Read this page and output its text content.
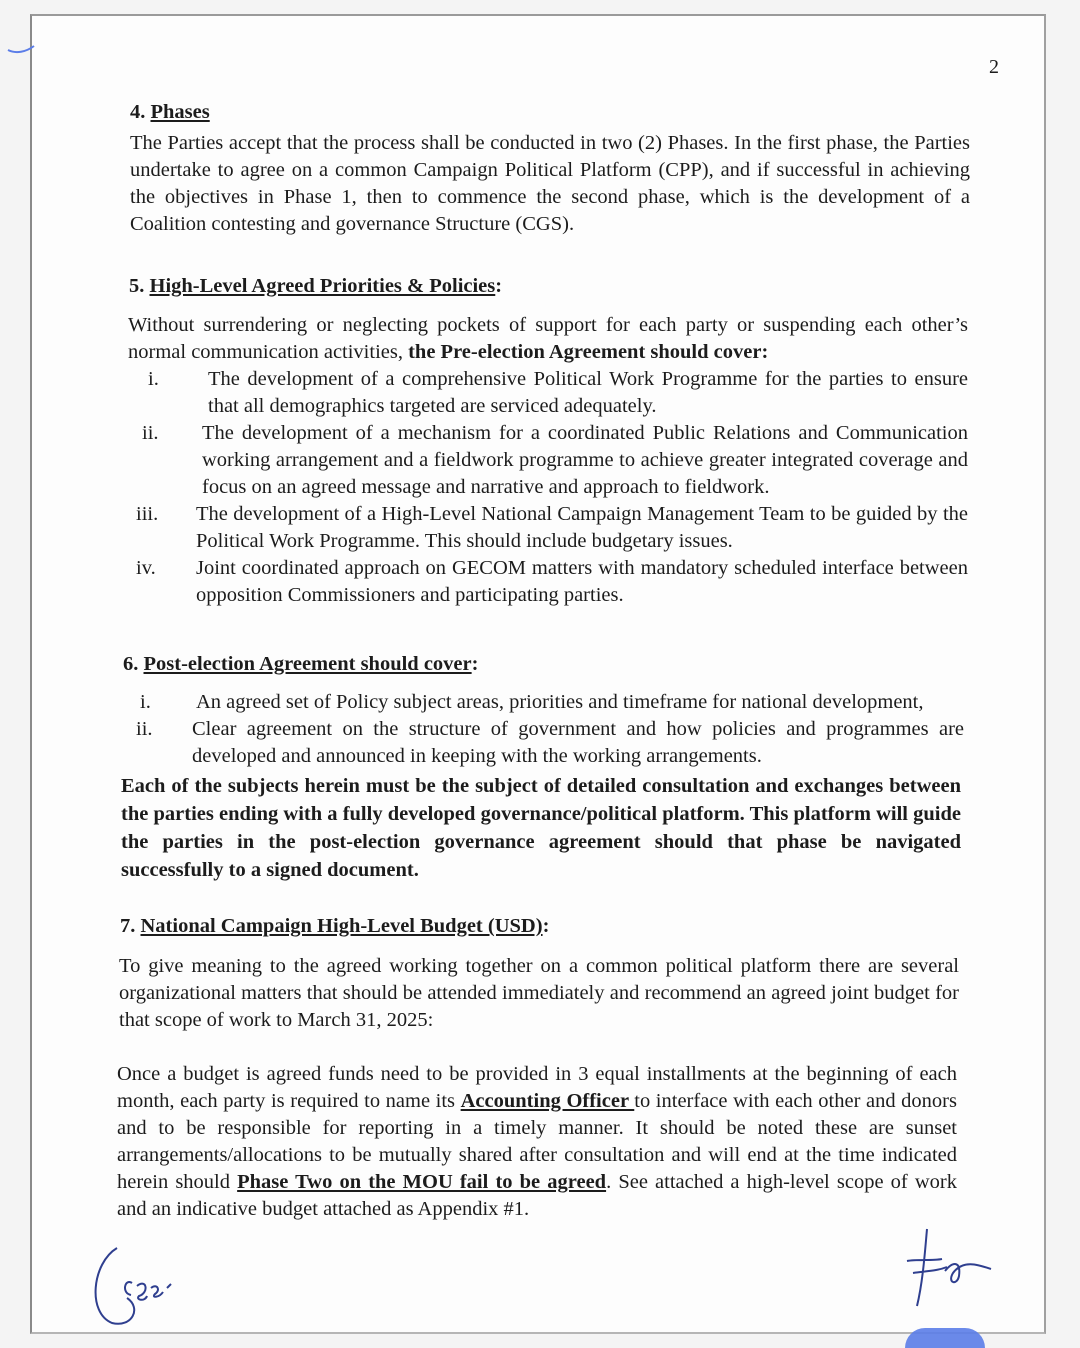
2
4. Phases
The Parties accept that the process shall be conducted in two (2) Phases. In the first phase, the Parties undertake to agree on a common Campaign Political Platform (CPP), and if successful in achieving the objectives in Phase 1, then to commence the second phase, which is the development of a Coalition contesting and governance Structure (CGS).
5. High-Level Agreed Priorities & Policies:
Without surrendering or neglecting pockets of support for each party or suspending each other’s normal communication activities, the Pre-election Agreement should cover:
i.	The development of a comprehensive Political Work Programme for the parties to ensure that all demographics targeted are serviced adequately.
ii.	The development of a mechanism for a coordinated Public Relations and Communication working arrangement and a fieldwork programme to achieve greater integrated coverage and focus on an agreed message and narrative and approach to fieldwork.
iii.	The development of a High-Level National Campaign Management Team to be guided by the Political Work Programme. This should include budgetary issues.
iv.	Joint coordinated approach on GECOM matters with mandatory scheduled interface between opposition Commissioners and participating parties.
6. Post-election Agreement should cover:
i.	An agreed set of Policy subject areas, priorities and timeframe for national development,
ii.	Clear agreement on the structure of government and how policies and programmes are developed and announced in keeping with the working arrangements.
Each of the subjects herein must be the subject of detailed consultation and exchanges between the parties ending with a fully developed governance/political platform. This platform will guide the parties in the post-election governance agreement should that phase be navigated successfully to a signed document.
7. National Campaign High-Level Budget (USD):
To give meaning to the agreed working together on a common political platform there are several organizational matters that should be attended immediately and recommend an agreed joint budget for that scope of work to March 31, 2025:
Once a budget is agreed funds need to be provided in 3 equal installments at the beginning of each month, each party is required to name its Accounting Officer to interface with each other and donors and to be responsible for reporting in a timely manner. It should be noted these are sunset arrangements/allocations to be mutually shared after consultation and will end at the time indicated herein should Phase Two on the MOU fail to be agreed. See attached a high-level scope of work and an indicative budget attached as Appendix #1.
